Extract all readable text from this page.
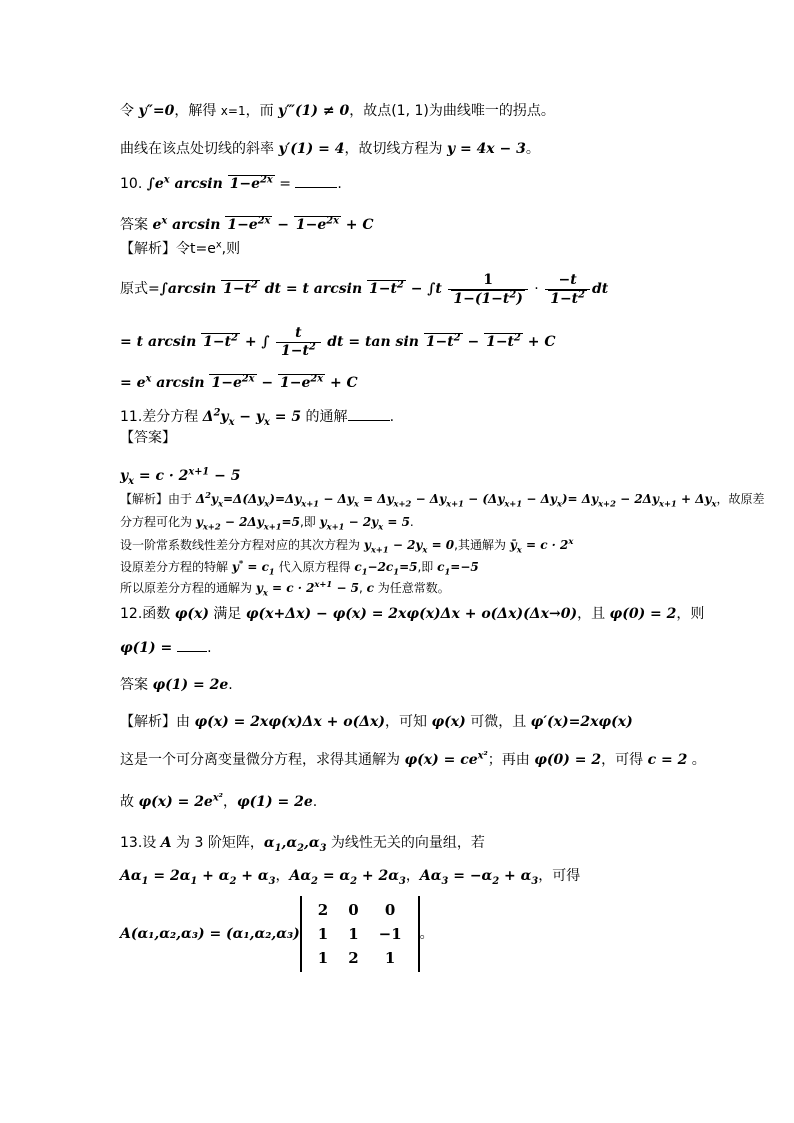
令 y″=0，解得 x=1，而 y‴(1) ≠ 0，故点(1, 1)为曲线唯一的拐点。
曲线在该点处切线的斜率 y′(1) = 4，故切线方程为 y = 4x − 3。
10. $\int e^x$ $\arcsin 1-e^{2x}$ =	.
答案 $e^x$ $\arcsin 1-e^{2x} - 1-e^{2x} + C$
【解析】令$t=e^x$,则
原式=∫arcsin $1-t^2$ dt = t $\arcsin 1-t^2 - \int t \frac{1}{1-(1-t^2)} \cdot \frac{-t}{1-t^2}$ dt
= t $\arcsin 1-t^2$ + ∫ $\frac{t}{1-t^2}$ dt = $\tan \sin 1-t^2 - 1-t^2 + C$
= $e^x$ $\arcsin 1-e^{2x} - 1-e^{2x} + C$
11.差分方程 $\Delta^2y_x - y_x = 5$ 的通解	.
【答案】
$y_x = c \cdot 2^{x+1} - 5$
【解析】由于 $\Delta^2y_x=\Delta(\Delta y_x)=\Delta y_{x+1} - \Delta y_x = \Delta y_{x+2} - \Delta y_{x+1} - (\Delta y_{x+1} - \Delta y_x)= \Delta y_{x+2} - 2\Delta y_{x+1} + \Delta y_x$，故原差
分方程可化为 $y_{x+2} - 2\Delta y_{x+1}=5$,即 $y_{x+1} - 2y_x = 5$.
设一阶常系数线性差分方程对应的其次方程为 $y_{x+1} - 2y_x = 0$,其通解为 $ȳ_x = c \cdot 2^x$
设原差分方程的特解 $y^* = c_1$ 代入原方程得 $c_1-2c_1=5$,即 $c_1=-5$
所以原差分方程的通解为 $y_x = c \cdot 2^{x+1} - 5$, c 为任意常数。
12.函数 φ(x) 满足 φ(x+Δx) − φ(x) = 2xφ(x)Δx + o(Δx)(Δx→0)，且 φ(0) = 2，则
φ(1) = .
答案 φ(1) = 2e.
【解析】由 φ(x) = 2xφ(x)Δx + o(Δx)，可知 φ(x) 可微，且 φ′(x)=2xφ(x)
这是一个可分离变量微分方程，求得其通解为 $\varphi(x) = ce^{x^2}$；再由 φ(0) = 2，可得 c = 2 。
故 $\varphi(x) = 2e^{x^2}$，φ(1) = 2e.
13.设 A 为 3 阶矩阵，$\alpha_1,\alpha_2,\alpha_3$ 为线性无关的向量组，若
$A\alpha_1 = 2\alpha_1 + \alpha_2 + \alpha_3$，$A\alpha_2 = \alpha_2 + 2\alpha_3$，$A\alpha_3 = -\alpha_2 + \alpha_3$，可得
A(α₁,α₂,α₃) = (α₁,α₂,α₃)
2	0	0
1	1	−1
1	2	1
。
